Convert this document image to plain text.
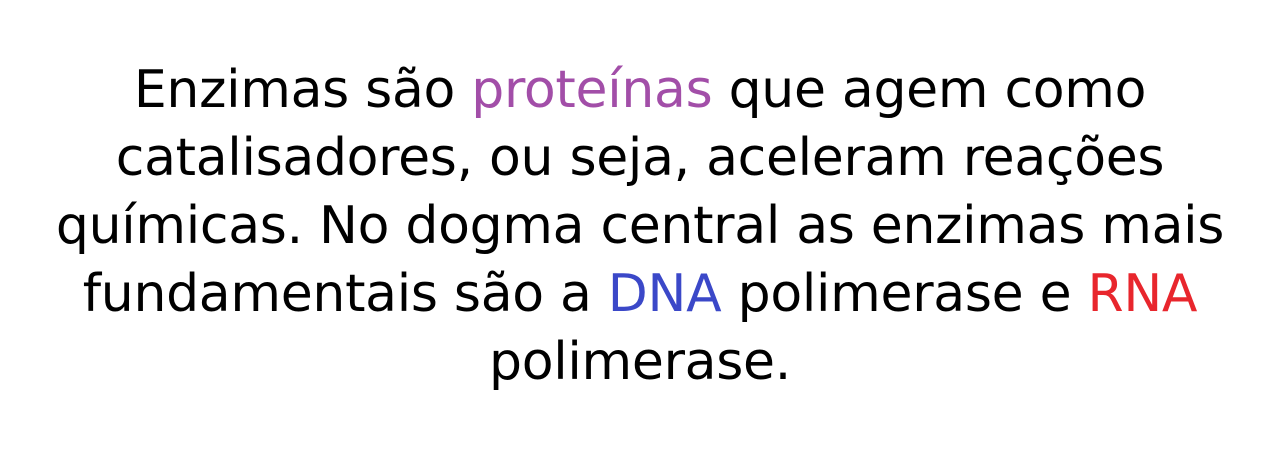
Enzimas são proteínas que agem como
catalisadores, ou seja, aceleram reações
químicas. No dogma central as enzimas mais
fundamentais são a DNA polimerase e RNA
polimerase.
